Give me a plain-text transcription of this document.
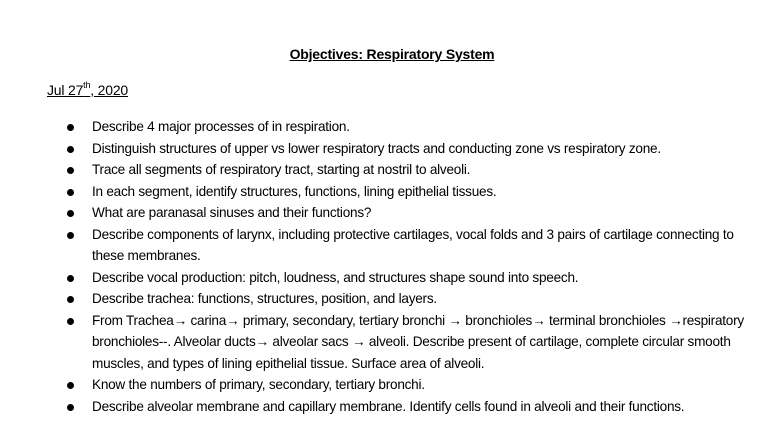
Objectives: Respiratory System
Jul 27th, 2020
Describe 4 major processes of in respiration.
Distinguish structures of upper vs lower respiratory tracts and conducting zone vs respiratory zone.
Trace all segments of respiratory tract, starting at nostril to alveoli.
In each segment, identify structures, functions, lining epithelial tissues.
What are paranasal sinuses and their functions?
Describe components of larynx, including protective cartilages, vocal folds and 3 pairs of cartilage connecting to these membranes.
Describe vocal production: pitch, loudness, and structures shape sound into speech.
Describe trachea: functions, structures, position, and layers.
From Trachea→ carina→ primary, secondary, tertiary bronchi → bronchioles→ terminal bronchioles →respiratory bronchioles--. Alveolar ducts→ alveolar sacs → alveoli. Describe present of cartilage, complete circular smooth muscles, and types of lining epithelial tissue. Surface area of alveoli.
Know the numbers of primary, secondary, tertiary bronchi.
Describe alveolar membrane and capillary membrane. Identify cells found in alveoli and their functions.
